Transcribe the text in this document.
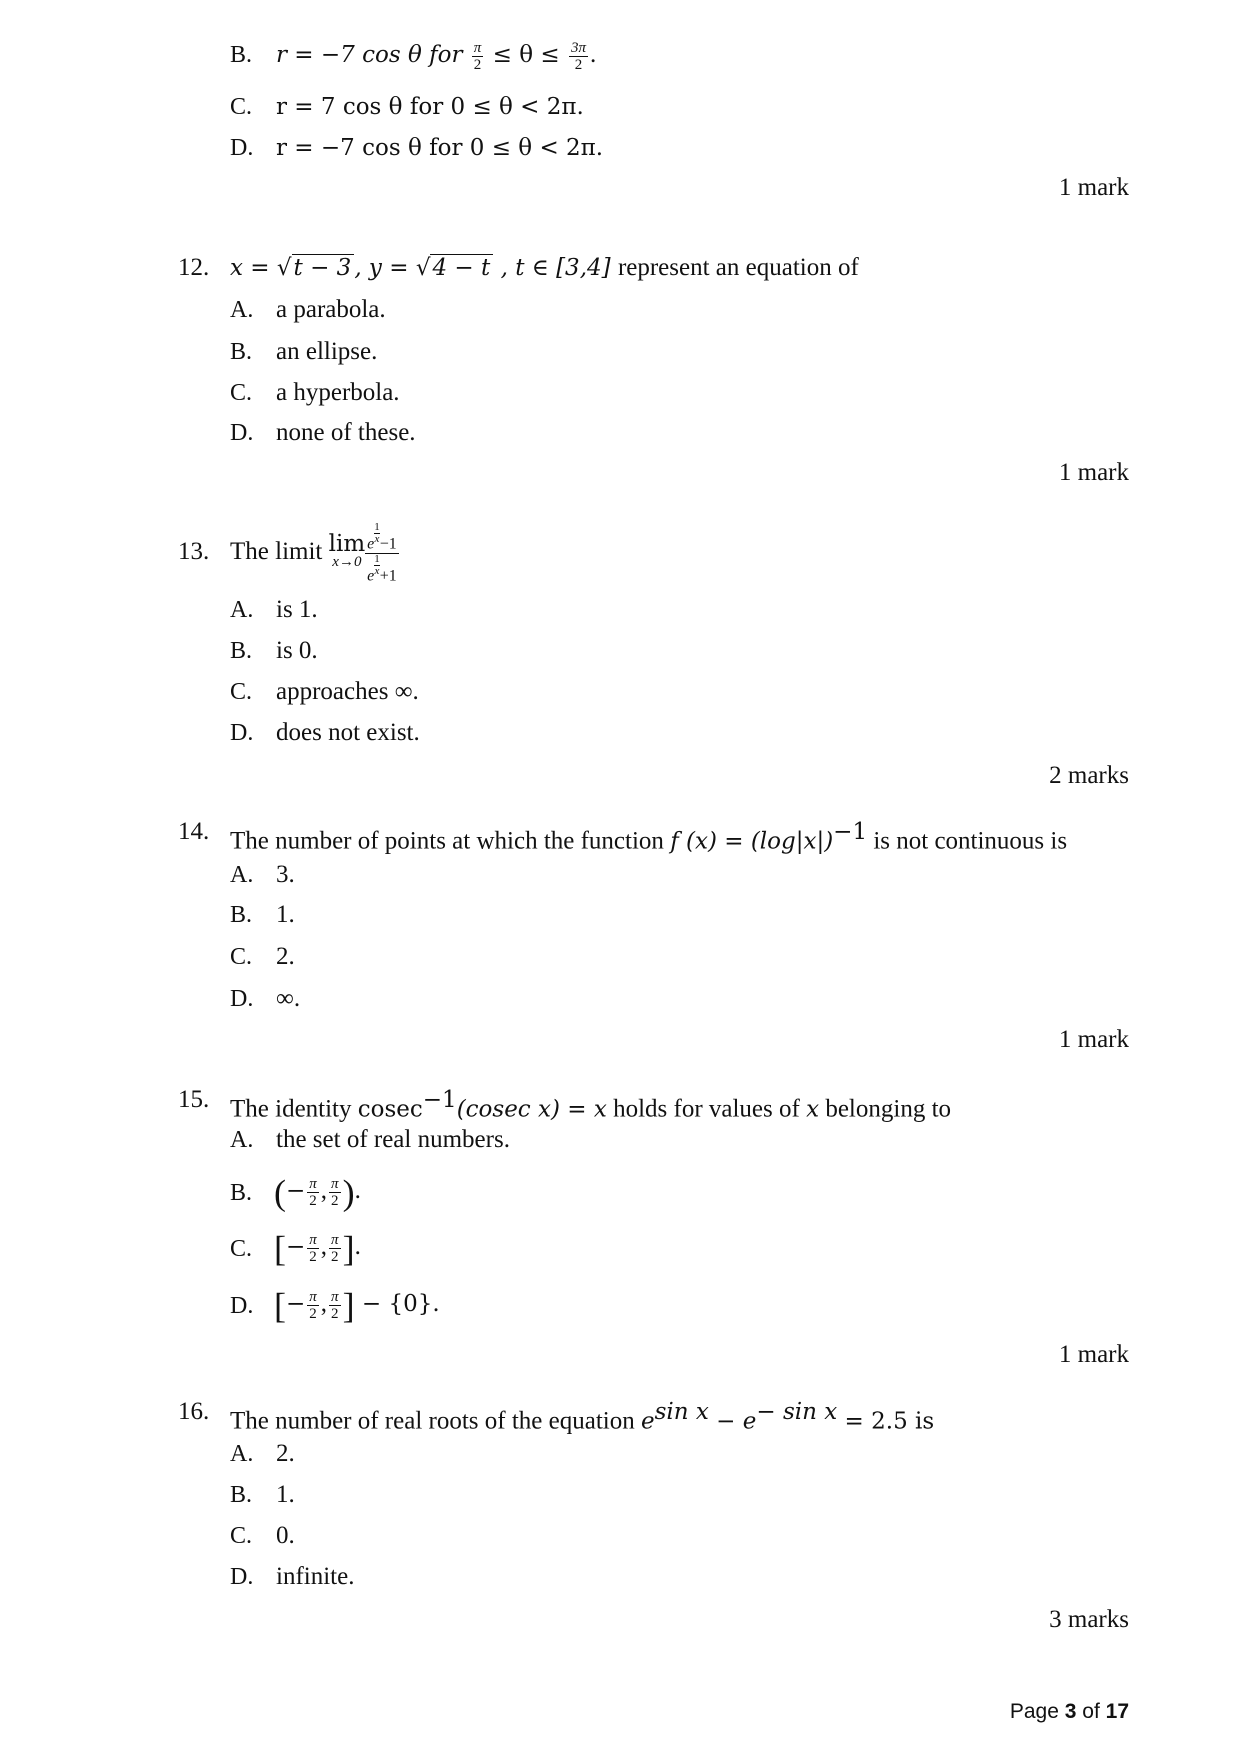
B. r = −7 cos θ for $\frac{\pi}{2} \le \theta \le \frac{3\pi}{2}$ .
C. r = 7 cos θ for 0 ≤ θ < 2π.
D. r = −7 cos θ for 0 ≤ θ < 2π.
1 mark
12. x = √t − 3 , y = √4 − t , t ∈ [3,4] represent an equation of
A. a parabola.
B. an ellipse.
C. a hyperbola.
D. none of these.
1 mark
13. The limit lim
x→0 e $^{\frac{1}{x}}$−1
e $^{\frac{1}{x}}$+1
A. is 1.
B. is 0.
C. approaches ∞.
D. does not exist.
2 marks
14. The number of points at which the function f $(x) = (\log|x|)^{-1}$ is not continuous is
A. 3.
B. 1.
C. 2.
D. ∞.
1 mark
15. The identity cosec$^{-1}$(cosec x) = x holds for values of x belonging to
A. the set of real numbers.
B. (− $\frac{\pi}{2}$ , $\frac{\pi}{2}$ ).
C. [− $\frac{\pi}{2}$ , $\frac{\pi}{2}$ ].
D. [− $\frac{\pi}{2}$ , $\frac{\pi}{2}$ ] − {0}.
1 mark
16. The number of real roots of the equation $e^{sin x} - e^{- sin x} = 2.5$ is
A. 2.
B. 1.
C. 0.
D. infinite.
3 marks
Page 3 of 17
